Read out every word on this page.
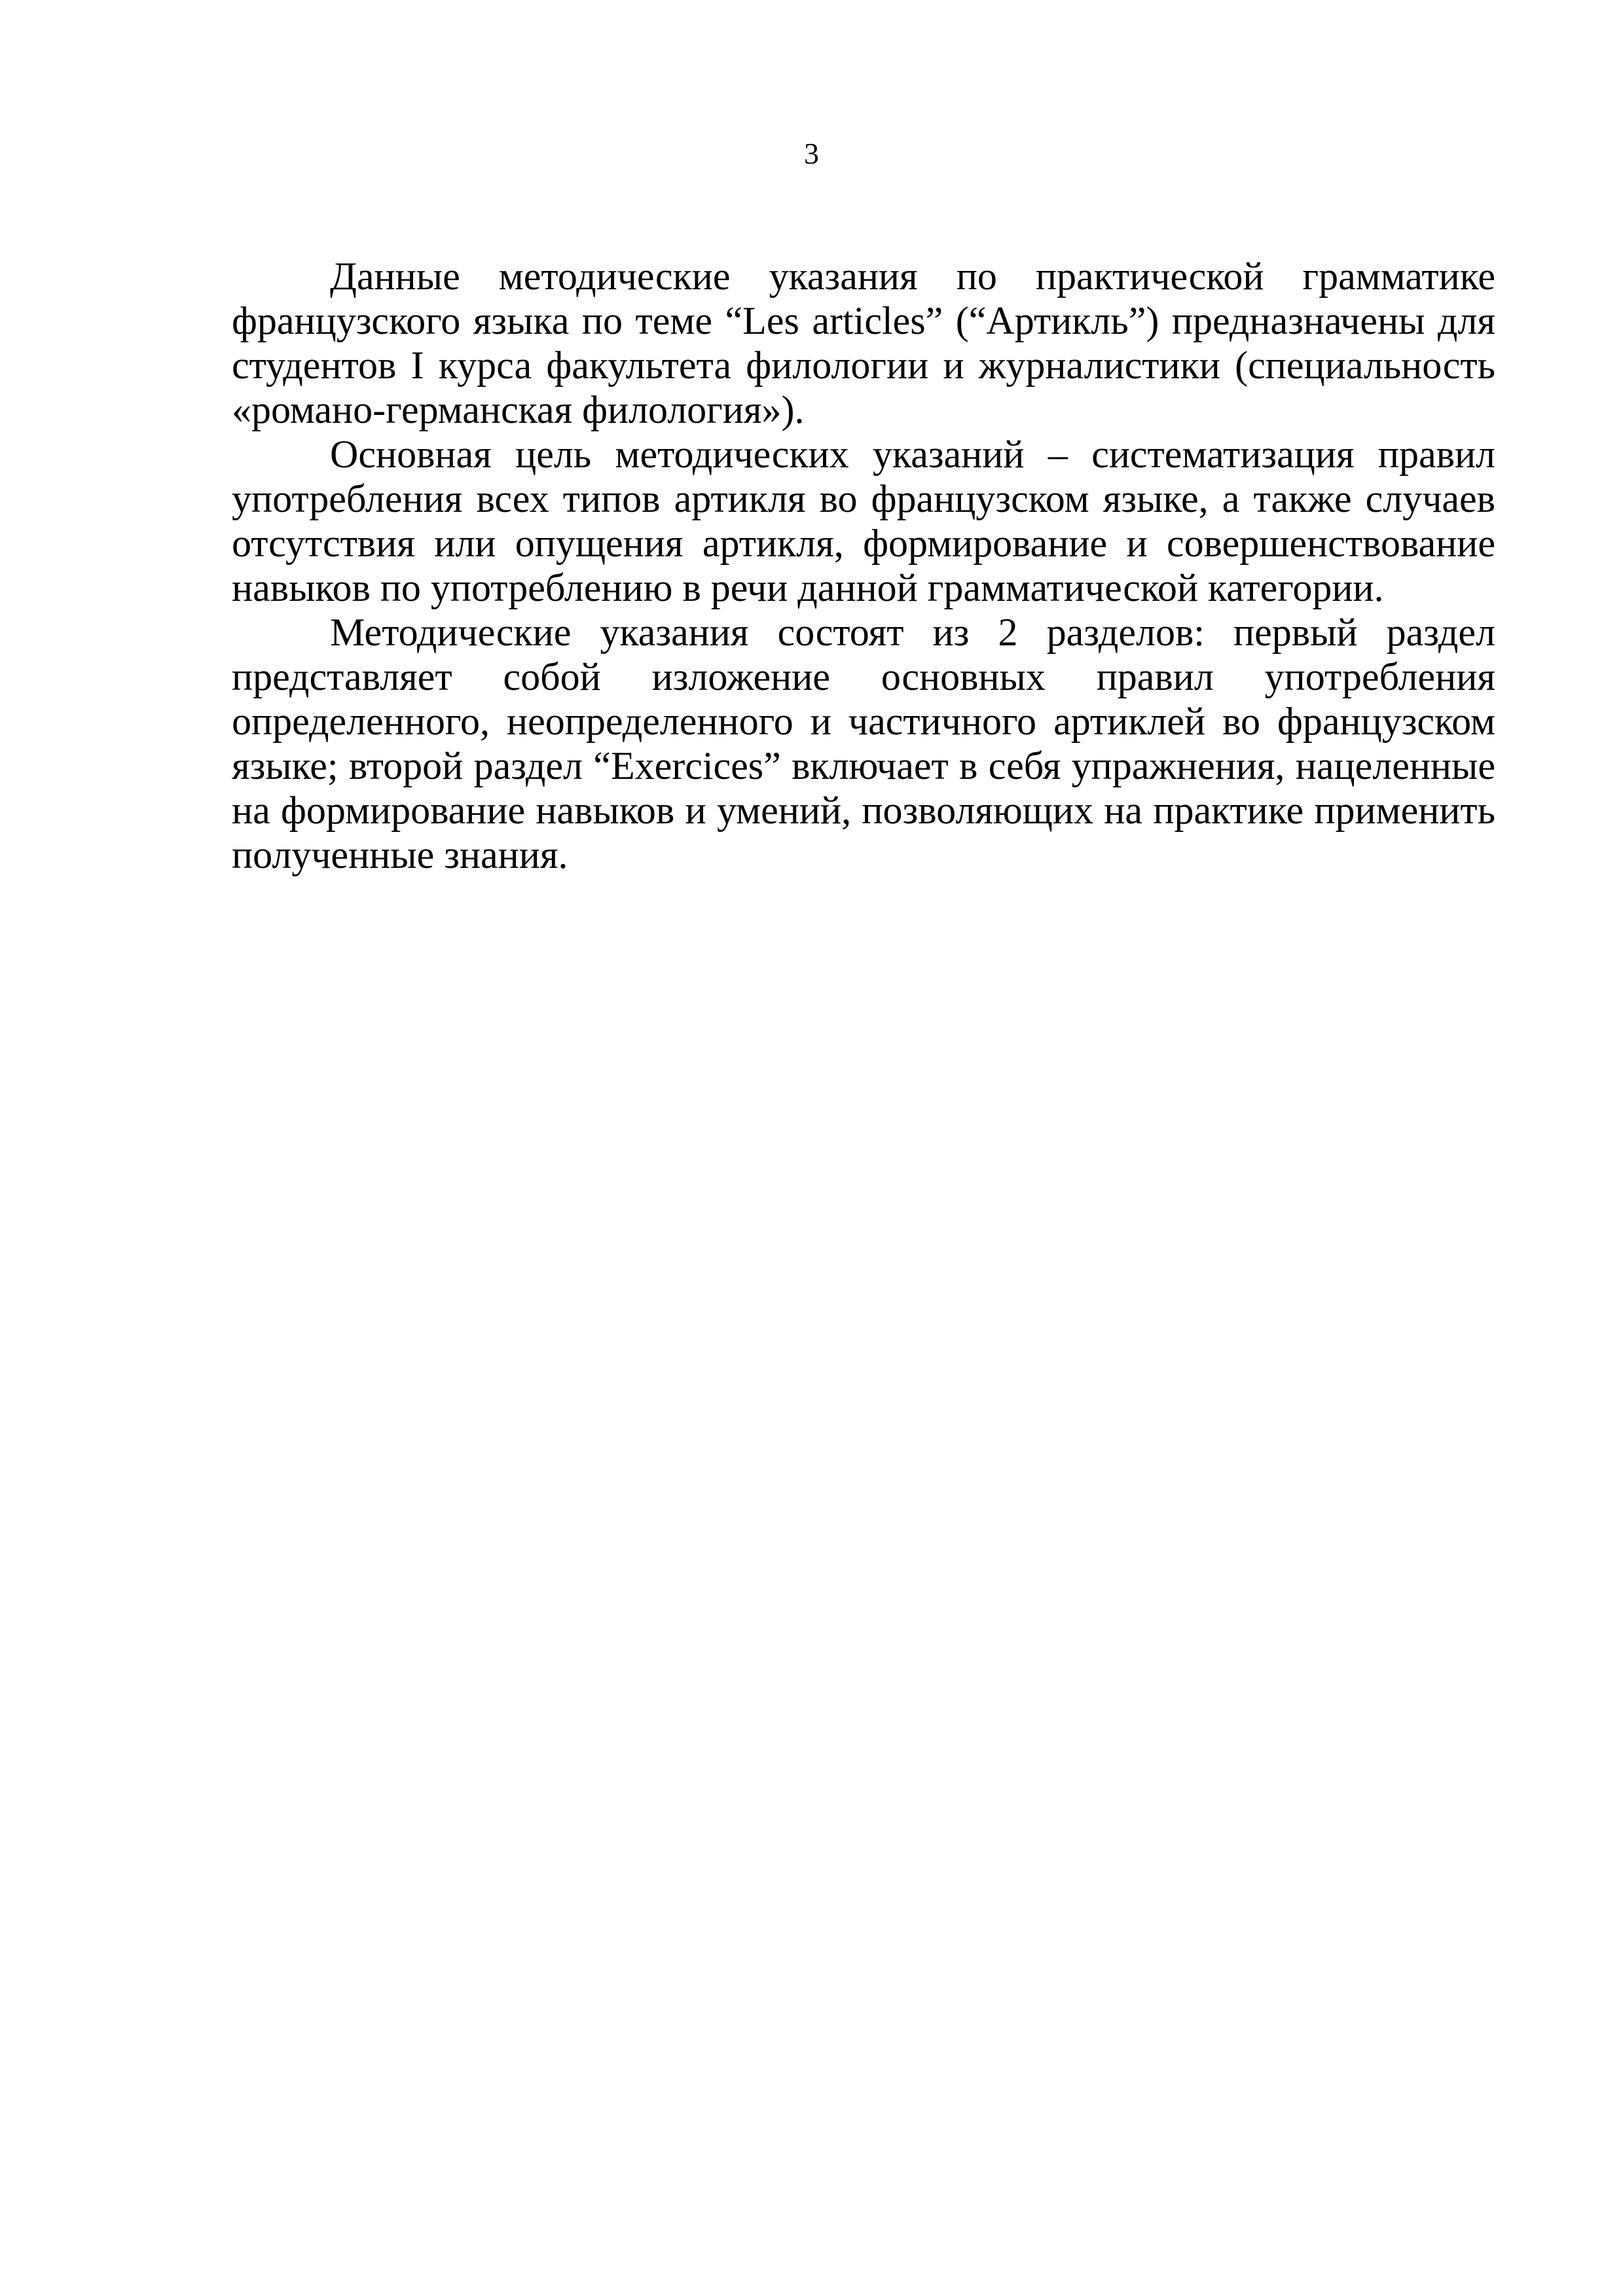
3

Данные методические указания по практической грамматике французского языка по теме “Les articles” (“Артикль”) предназначены для студентов I курса факультета филологии и журналистики (специальность «романо-германская филология»).

Основная цель методических указаний – систематизация правил употребления всех типов артикля во французском языке, а также случаев отсутствия или опущения артикля, формирование и совершенствование навыков по употреблению в речи данной грамматической категории.

Методические указания состоят из 2 разделов: первый раздел представляет собой изложение основных правил употребления определенного, неопределенного и частичного артиклей во французском языке; второй раздел “Exercices” включает в себя упражнения, нацеленные на формирование навыков и умений, позволяющих на практике применить полученные знания.
